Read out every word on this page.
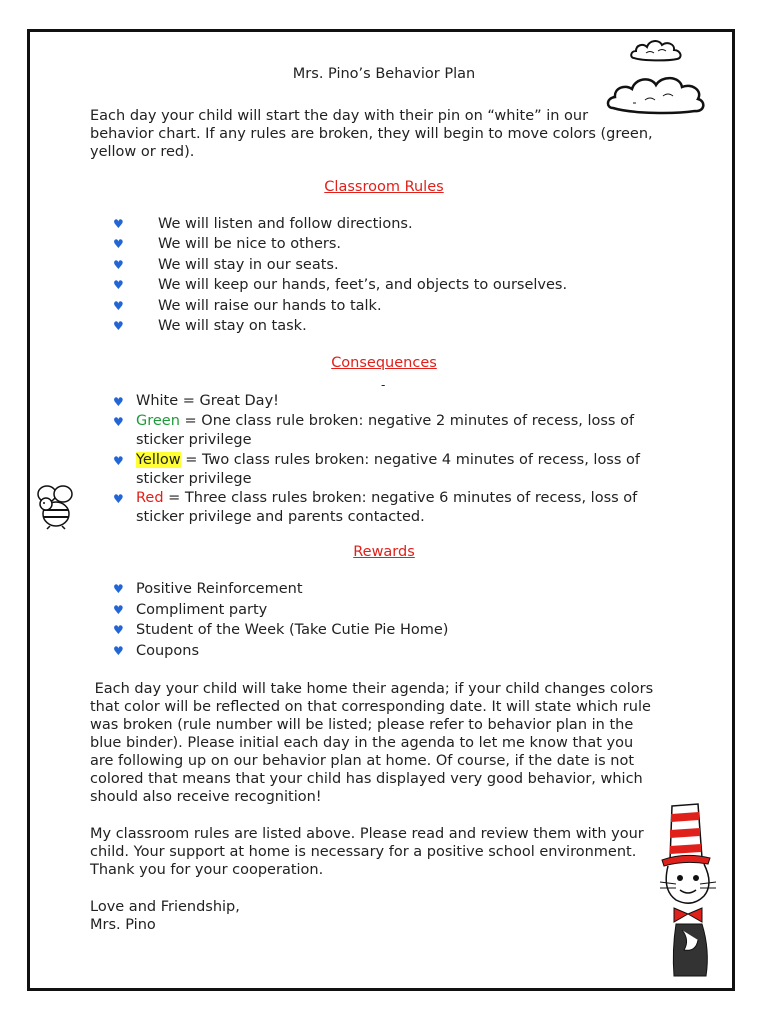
Mrs. Pino’s Behavior Plan
Each day your child will start the day with their pin on “white” in our
behavior chart. If any rules are broken, they will begin to move colors (green,
yellow or red).
Classroom Rules
♥ We will listen and follow directions.
♥ We will be nice to others.
♥ We will stay in our seats.
♥ We will keep our hands, feet’s, and objects to ourselves.
♥ We will raise our hands to talk.
♥ We will stay on task.
Consequences
-
♥ White = Great Day!
♥ Green = One class rule broken: negative 2 minutes of recess, loss of
sticker privilege
♥ Yellow = Two class rules broken: negative 4 minutes of recess, loss of
sticker privilege
♥ Red = Three class rules broken: negative 6 minutes of recess, loss of
sticker privilege and parents contacted.
Rewards
♥ Positive Reinforcement
♥ Compliment party
♥ Student of the Week (Take Cutie Pie Home)
♥ Coupons
Each day your child will take home their agenda; if your child changes colors
that color will be reflected on that corresponding date. It will state which rule
was broken (rule number will be listed; please refer to behavior plan in the
blue binder). Please initial each day in the agenda to let me know that you
are following up on our behavior plan at home. Of course, if the date is not
colored that means that your child has displayed very good behavior, which
should also receive recognition!
My classroom rules are listed above. Please read and review them with your
child. Your support at home is necessary for a positive school environment.
Thank you for your cooperation.
Love and Friendship,
Mrs. Pino
